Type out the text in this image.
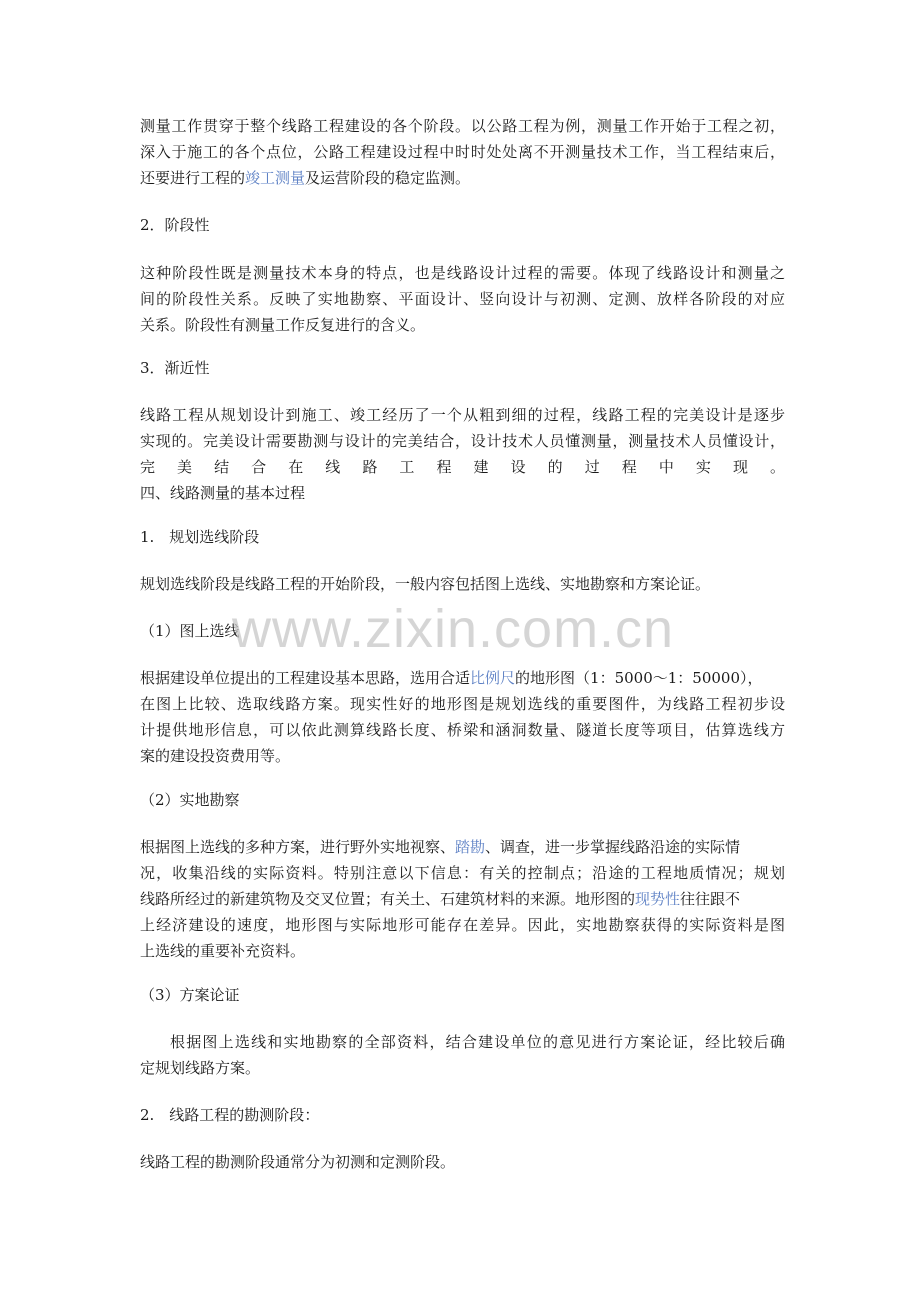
测量工作贯穿于整个线路工程建设的各个阶段。以公路工程为例，测量工作开始于工程之初，
深入于施工的各个点位，公路工程建设过程中时时处处离不开测量技术工作，当工程结束后，
还要进行工程的竣工测量及运营阶段的稳定监测。

2．阶段性

这种阶段性既是测量技术本身的特点，也是线路设计过程的需要。体现了线路设计和测量之
间的阶段性关系。反映了实地勘察、平面设计、竖向设计与初测、定测、放样各阶段的对应
关系。阶段性有测量工作反复进行的含义。

3．渐近性

线路工程从规划设计到施工、竣工经历了一个从粗到细的过程，线路工程的完美设计是逐步
实现的。完美设计需要勘测与设计的完美结合，设计技术人员懂测量，测量技术人员懂设计，
完 美 结 合 在 线 路 工 程 建 设 的 过 程 中 实 现 。
四、线路测量的基本过程

1.　规划选线阶段

规划选线阶段是线路工程的开始阶段，一般内容包括图上选线、实地勘察和方案论证。

（1）图上选线

根据建设单位提出的工程建设基本思路，选用合适比例尺的地形图（1：5000～1：50000），
在图上比较、选取线路方案。现实性好的地形图是规划选线的重要图件，为线路工程初步设
计提供地形信息，可以依此测算线路长度、桥梁和涵洞数量、隧道长度等项目，估算选线方
案的建设投资费用等。

（2）实地勘察

根据图上选线的多种方案，进行野外实地视察、踏勘、调查，进一步掌握线路沿途的实际情
况，收集沿线的实际资料。特别注意以下信息：有关的控制点；沿途的工程地质情况；规划
线路所经过的新建筑物及交叉位置；有关土、石建筑材料的来源。地形图的现势性往往跟不
上经济建设的速度，地形图与实际地形可能存在差异。因此，实地勘察获得的实际资料是图
上选线的重要补充资料。

（3）方案论证

根据图上选线和实地勘察的全部资料，结合建设单位的意见进行方案论证，经比较后确
定规划线路方案。

2.　线路工程的勘测阶段：

线路工程的勘测阶段通常分为初测和定测阶段。

www.zixin.com.cn
